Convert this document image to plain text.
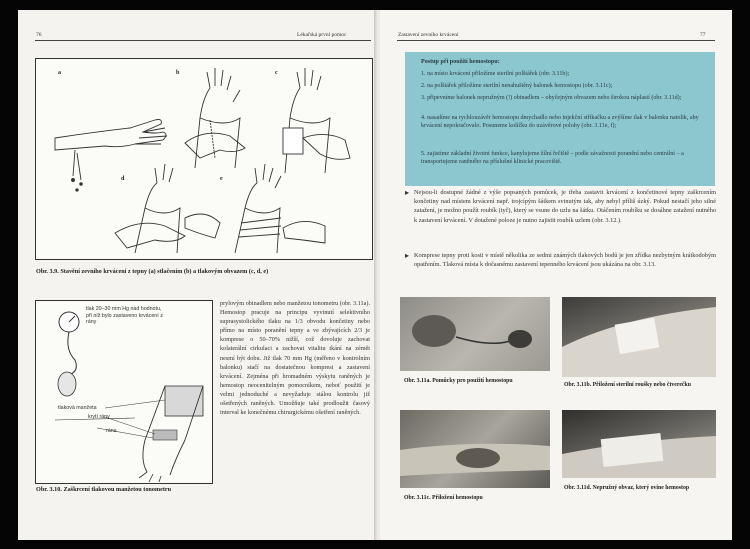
76	Lékařská první pomoc
a	b	c
d	e
Obr. 3.9. Stavění zevního krvácení z tepny (a) stlačením (b) a tlakovým obvazem (c, d, e)
tlak 20–30 mm Hg nad hodnotu, při níž bylo zastaveno krvácení z rány
tlaková manžeta
krytí rány
rána
Obr. 3.10. Zaškrcení tlakovou manžetou tonometru
prylovým obinadlem nebo manžetou tonometru (obr. 3.11a). Hemostop pracuje na principu vyvinutí selektivního suprasystolického tlaku na 1/3 obvodu končetiny nebo přímo na místo poranění tepny a ve zbývajících 2/3 je komprese o 50–70% nižší, což dovoluje zachovat kolaterální cirkulaci a zachovat vitalitu tkání na zémět nesmí být dobu. Již tlak 70 mm Hg (měřeno v kontrolním balonku) stačí na dostatečnou kompresi a zastavení krvácení. Zejména při hromadném výskytu raněných je hemostop neocenitelným pomocníkem, neboť použití je velmi jednoduché a nevyžaduje stálou kontrolu již ošetřených raněných. Umožňuje také prodloužit časový interval ke konečnému chirurgickému ošetření raněných.
Zastavení zevního krvácení	77
Postup při použití hemostopu:
1. na místo krvácení přiložíme sterilní polštářek (obr. 3.11b);
2. na polštářek přiložíme sterilní nenahuštěný balonek hemostopu (obr. 3.11c);
3. připevníme balonek nepružným (!) obinadlem – obyčejným obvazem nebo širokou náplastí (obr. 3.11d);
4. nasadíme na rychlouzávěr hemostopu dmychadlo nebo injekční stříkačku a zvýšíme tlak v balonku natolik, aby krvácení nepokračovalo. Posuneme kolíčku do uzávěrové polohy (obr. 3.11e, f);
5. zajistíme základní životní funkce, kanylujeme žílní řečiště – podle závažnosti poranění nebo centrální – a transportujeme raněného na příslušné klinické pracoviště.
▸ Nejsou-li dostupné žádné z výše popsaných pomůcek, je třeba zastavit krvácení z končetinové tepny zaškrcením končetiny nad místem krvácení např. trojcípým šátkem svinutým tak, aby nebyl příliš úzký. Pokud nestačí jeho silné zatažení, je možno použít roubík (tyč), který se vsune do uzlu na šátku. Otáčením roubíku se dosáhne zatažení nutného k zastavení krvácení. V dotažené poloze je nutno zajistit roubík uzlem (obr. 3.12.).
▸ Komprese tepny proti kosti v místě několika ze sedmi známých tlakových bodů je jen zřídka nezbytným krátkodobým opatřením. Tlaková místa k dočasnému zastavení tepenného krvácení jsou ukázána na obr. 3.13.
Obr. 3.11a. Pomůcky pro použití hemostopu
Obr. 3.11b. Přiložení sterilní roušky nebo čtverečku
Obr. 3.11c. Přiložení hemostopu
Obr. 3.11d. Nepružný obvaz, který ovine hemostop
